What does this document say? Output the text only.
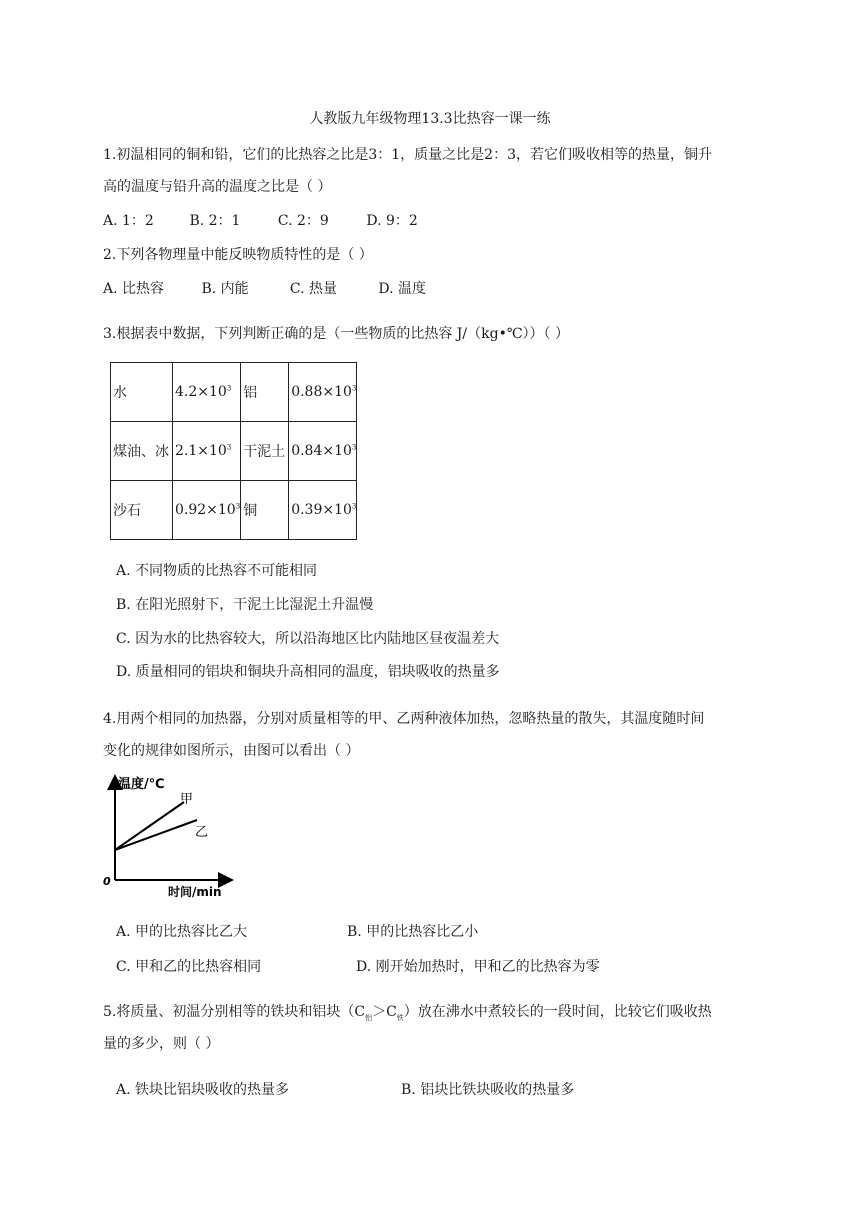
人教版九年级物理13.3比热容一课一练
1.初温相同的铜和铅，它们的比热容之比是3：1，质量之比是2：3，若它们吸收相等的热量，铜升
高的温度与铅升高的温度之比是（ ）
A. 1：2	B. 2：1	C. 2：9	D. 9：2
2.下列各物理量中能反映物质特性的是（ ）
A. 比热容	B. 内能	C. 热量	D. 温度
3.根据表中数据，下列判断正确的是（一些物质的比热容 J/（kg•℃））（ ）
水	$4.2\times 10^3$	铝	$0.88\times 10^3$
煤油、冰	$2.1\times 10^3$	干泥土	$0.84\times 10^3$
沙石	$0.92\times 10^3$	铜	$0.39\times 10^3$
A. 不同物质的比热容不可能相同
B. 在阳光照射下，干泥土比湿泥土升温慢
C. 因为水的比热容较大，所以沿海地区比内陆地区昼夜温差大
D. 质量相同的铝块和铜块升高相同的温度，铝块吸收的热量多
4.用两个相同的加热器，分别对质量相等的甲、乙两种液体加热，忽略热量的散失，其温度随时间
变化的规律如图所示，由图可以看出（ ）
温度/℃
时间/min
0
甲
乙
A. 甲的比热容比乙大	B. 甲的比热容比乙小
C. 甲和乙的比热容相同	D. 刚开始加热时，甲和乙的比热容为零
5.将质量、初温分别相等的铁块和铝块$(C_铝>C_铁)$放在沸水中煮较长的一段时间，比较它们吸收热
量的多少，则（ ）
A. 铁块比铝块吸收的热量多	B. 铝块比铁块吸收的热量多
